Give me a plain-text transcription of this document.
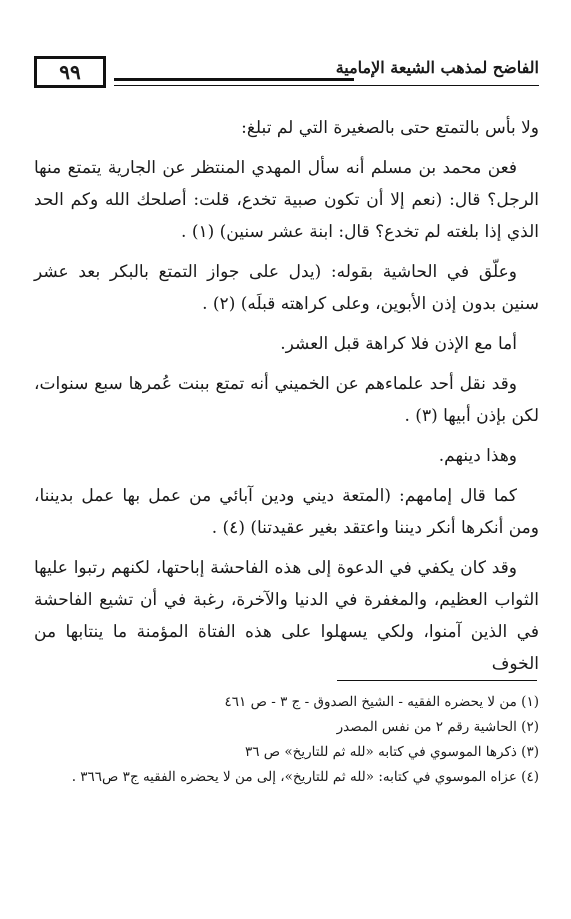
٩٩	الفاضح لمذهب الشيعة الإمامية

ولا بأس بالتمتع حتى بالصغيرة التي لم تبلغ:

فعن محمد بن مسلم أنه سأل المهدي المنتظر عن الجارية يتمتع منها الرجل؟ قال: (نعم إلا أن تكون صبية تخدع، قلت: أصلحك الله وكم الحد الذي إذا بلغته لم تخدع؟ قال: ابنة عشر سنين) (١) .

وعلّق في الحاشية بقوله: (يدل على جواز التمتع بالبكر بعد عشر سنين بدون إذن الأبوين، وعلى كراهته قبلَه) (٢) .

أما مع الإذن فلا كراهة قبل العشر.

وقد نقل أحد علماءهم عن الخميني أنه تمتع ببنت عُمرها سبع سنوات، لكن بإذن أبيها (٣) .

وهذا دينهم.

كما قال إمامهم: (المتعة ديني ودين آبائي من عمل بها عمل بديننا، ومن أنكرها أنكر ديننا واعتقد بغير عقيدتنا) (٤) .

وقد كان يكفي في الدعوة إلى هذه الفاحشة إباحتها، لكنهم رتبوا عليها الثواب العظيم، والمغفرة في الدنيا والآخرة، رغبة في أن تشيع الفاحشة في الذين آمنوا، ولكي يسهلوا على هذه الفتاة المؤمنة ما ينتابها من الخوف

(١) من لا يحضره الفقيه - الشيخ الصدوق - ج ٣ - ص ٤٦١
(٢) الحاشية رقم ٢ من نفس المصدر
(٣) ذكرها الموسوي في كتابه «لله ثم للتاريخ» ص ٣٦
(٤) عزاه الموسوي في كتابه: «لله ثم للتاريخ»، إلى من لا يحضره الفقيه ج٣ ص٣٦٦ .
